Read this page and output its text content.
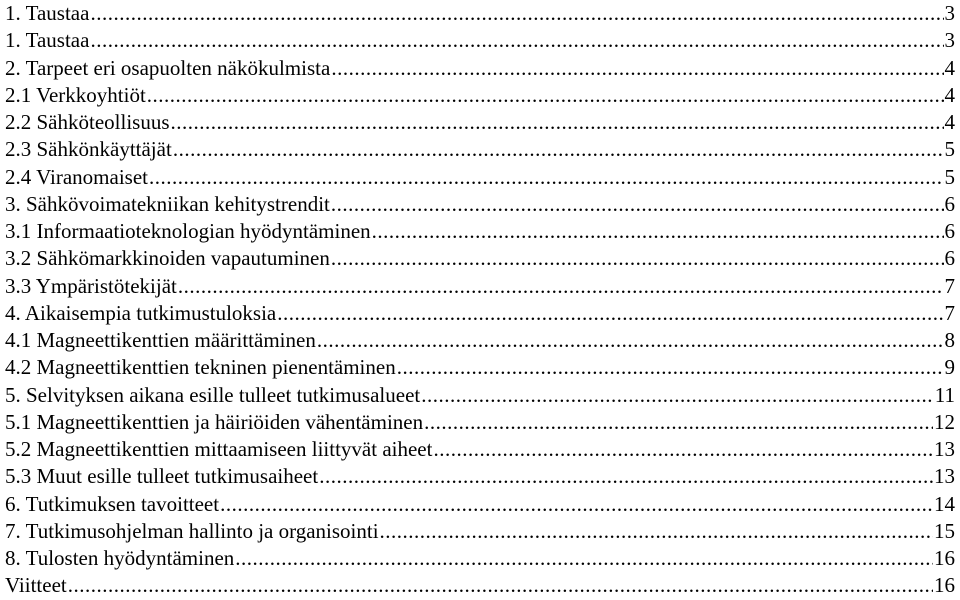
1. Taustaa .....	3
1. Taustaa .....	3
2. Tarpeet eri osapuolten näkökulmista .....	4
2.1 Verkkoyhtiöt .....	4
2.2 Sähköteollisuus .....	4
2.3 Sähkönkäyttäjät .....	5
2.4 Viranomaiset .....	5
3. Sähkövoimatekniikan kehitystrendit .....	6
3.1 Informaatioteknologian hyödyntäminen .....	6
3.2 Sähkömarkkinoiden vapautuminen .....	6
3.3 Ympäristötekijät .....	7
4. Aikaisempia tutkimustuloksia .....	7
4.1 Magneettikenttien määrittäminen .....	8
4.2 Magneettikenttien tekninen pienentäminen .....	9
5. Selvityksen aikana esille tulleet tutkimusalueet .....	11
5.1 Magneettikenttien ja häiriöiden vähentäminen .....	12
5.2 Magneettikenttien mittaamiseen liittyvät aiheet .....	13
5.3 Muut esille tulleet tutkimusaiheet .....	13
6. Tutkimuksen tavoitteet .....	14
7. Tutkimusohjelman hallinto ja organisointi .....	15
8. Tulosten hyödyntäminen .....	16
Viitteet .....	16
